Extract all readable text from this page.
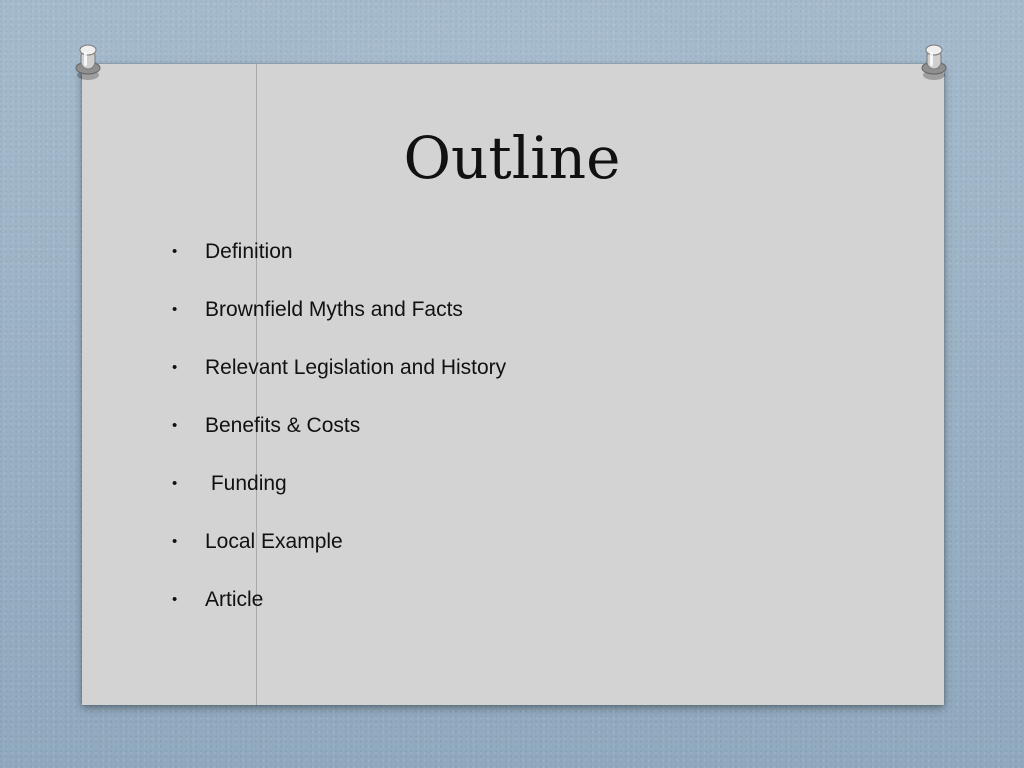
Outline
•	Definition
•	Brownfield Myths and Facts
•	Relevant Legislation and History
•	Benefits & Costs
•	Funding
•	Local Example
•	Article
